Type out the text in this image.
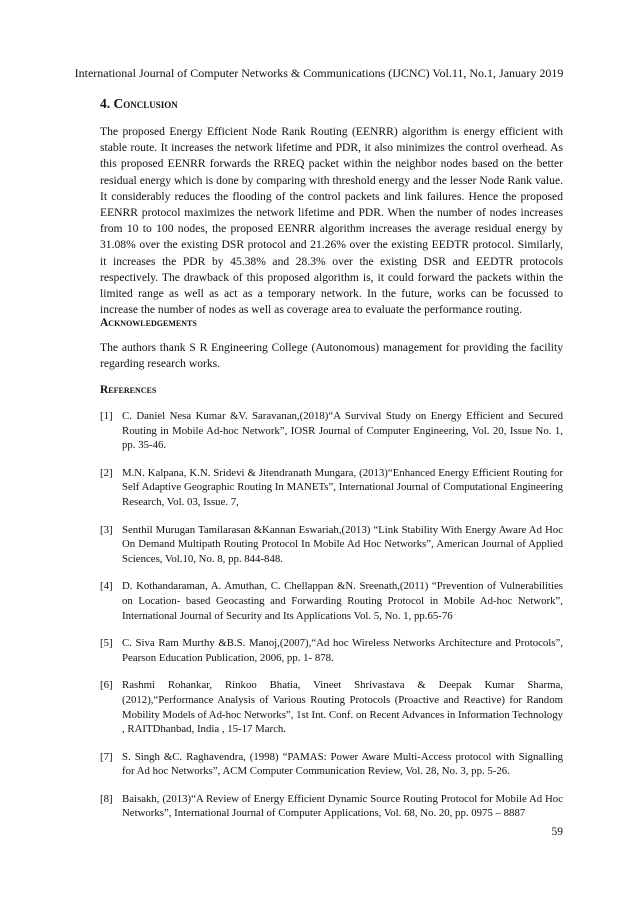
International Journal of Computer Networks & Communications (IJCNC) Vol.11, No.1, January 2019
4. Conclusion
The proposed Energy Efficient Node Rank Routing (EENRR) algorithm is energy efficient with stable route. It increases the network lifetime and PDR, it also minimizes the control overhead. As this proposed EENRR forwards the RREQ packet within the neighbor nodes based on the better residual energy which is done by comparing with threshold energy and the lesser Node Rank value. It considerably reduces the flooding of the control packets and link failures. Hence the proposed EENRR protocol maximizes the network lifetime and PDR. When the number of nodes increases from 10 to 100 nodes, the proposed EENRR algorithm increases the average residual energy by 31.08% over the existing DSR protocol and 21.26% over the existing EEDTR protocol. Similarly, it increases the PDR by 45.38% and 28.3% over the existing DSR and EEDTR protocols respectively. The drawback of this proposed algorithm is, it could forward the packets within the limited range as well as act as a temporary network. In the future, works can be focussed to increase the number of nodes as well as coverage area to evaluate the performance routing.
Acknowledgements
The authors thank S R Engineering College (Autonomous) management for providing the facility regarding research works.
References
[1] C. Daniel Nesa Kumar &V. Saravanan,(2018)“A Survival Study on Energy Efficient and Secured Routing in Mobile Ad-hoc Network”, IOSR Journal of Computer Engineering, Vol. 20, Issue No. 1, pp. 35-46.
[2] M.N. Kalpana, K.N. Sridevi & Jitendranath Mungara, (2013)“Enhanced Energy Efficient Routing for Self Adaptive Geographic Routing In MANETs”, International Journal of Computational Engineering Research, Vol. 03, Issue. 7,
[3] Senthil Murugan Tamilarasan &Kannan Eswariah,(2013) “Link Stability With Energy Aware Ad Hoc On Demand Multipath Routing Protocol In Mobile Ad Hoc Networks”, American Journal of Applied Sciences, Vol.10, No. 8, pp. 844-848.
[4] D. Kothandaraman, A. Amuthan, C. Chellappan &N. Sreenath,(2011) “Prevention of Vulnerabilities on Location- based Geocasting and Forwarding Routing Protocol in Mobile Ad-hoc Network”, International Journal of Security and Its Applications Vol. 5, No. 1, pp.65-76
[5] C. Siva Ram Murthy &B.S. Manoj,(2007),“Ad hoc Wireless Networks Architecture and Protocols”, Pearson Education Publication, 2006, pp. 1- 878.
[6] Rashmi Rohankar, Rinkoo Bhatia, Vineet Shrivastava & Deepak Kumar Sharma, (2012),“Performance Analysis of Various Routing Protocols (Proactive and Reactive) for Random Mobility Models of Ad-hoc Networks”, 1st Int. Conf. on Recent Advances in Information Technology , RAITDhanbad, India , 15-17 March.
[7] S. Singh &C. Raghavendra, (1998) “PAMAS: Power Aware Multi-Access protocol with Signalling for Ad hoc Networks”, ACM Computer Communication Review, Vol. 28, No. 3, pp. 5-26.
[8] Baisakh, (2013)“A Review of Energy Efficient Dynamic Source Routing Protocol for Mobile Ad Hoc Networks”, International Journal of Computer Applications, Vol. 68, No. 20, pp. 0975 – 8887
59
